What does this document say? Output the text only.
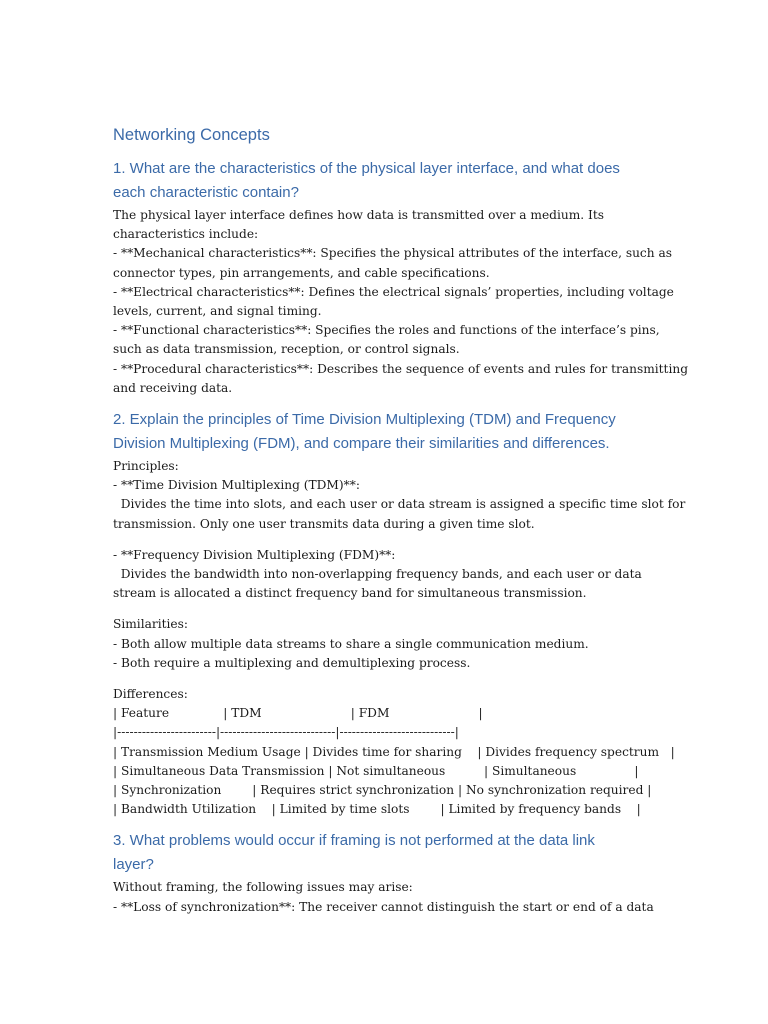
Networking Concepts
1. What are the characteristics of the physical layer interface, and what does
each characteristic contain?

The physical layer interface defines how data is transmitted over a medium. Its

characteristics include:

- **Mechanical characteristics**: Specifies the physical attributes of the interface, such as

connector types, pin arrangements, and cable specifications.

- **Electrical characteristics**: Defines the electrical signals’ properties, including voltage

levels, current, and signal timing.

- **Functional characteristics**: Specifies the roles and functions of the interface’s pins,

such as data transmission, reception, or control signals.

- **Procedural characteristics**: Describes the sequence of events and rules for transmitting

and receiving data.

2. Explain the principles of Time Division Multiplexing (TDM) and Frequency
Division Multiplexing (FDM), and compare their similarities and differences.

Principles:

- **Time Division Multiplexing (TDM)**:

Divides the time into slots, and each user or data stream is assigned a specific time slot for

transmission. Only one user transmits data during a given time slot.

- **Frequency Division Multiplexing (FDM)**:

Divides the bandwidth into non-overlapping frequency bands, and each user or data

stream is allocated a distinct frequency band for simultaneous transmission.

Similarities:

- Both allow multiple data streams to share a single communication medium.

- Both require a multiplexing and demultiplexing process.

Differences:

| Feature              | TDM                       | FDM                       |

|------------------------|----------------------------|----------------------------|

| Transmission Medium Usage | Divides time for sharing    | Divides frequency spectrum   |

| Simultaneous Data Transmission | Not simultaneous          | Simultaneous               |

| Synchronization        | Requires strict synchronization | No synchronization required |

| Bandwidth Utilization    | Limited by time slots        | Limited by frequency bands    |

3. What problems would occur if framing is not performed at the data link
layer?

Without framing, the following issues may arise:

- **Loss of synchronization**: The receiver cannot distinguish the start or end of a data
